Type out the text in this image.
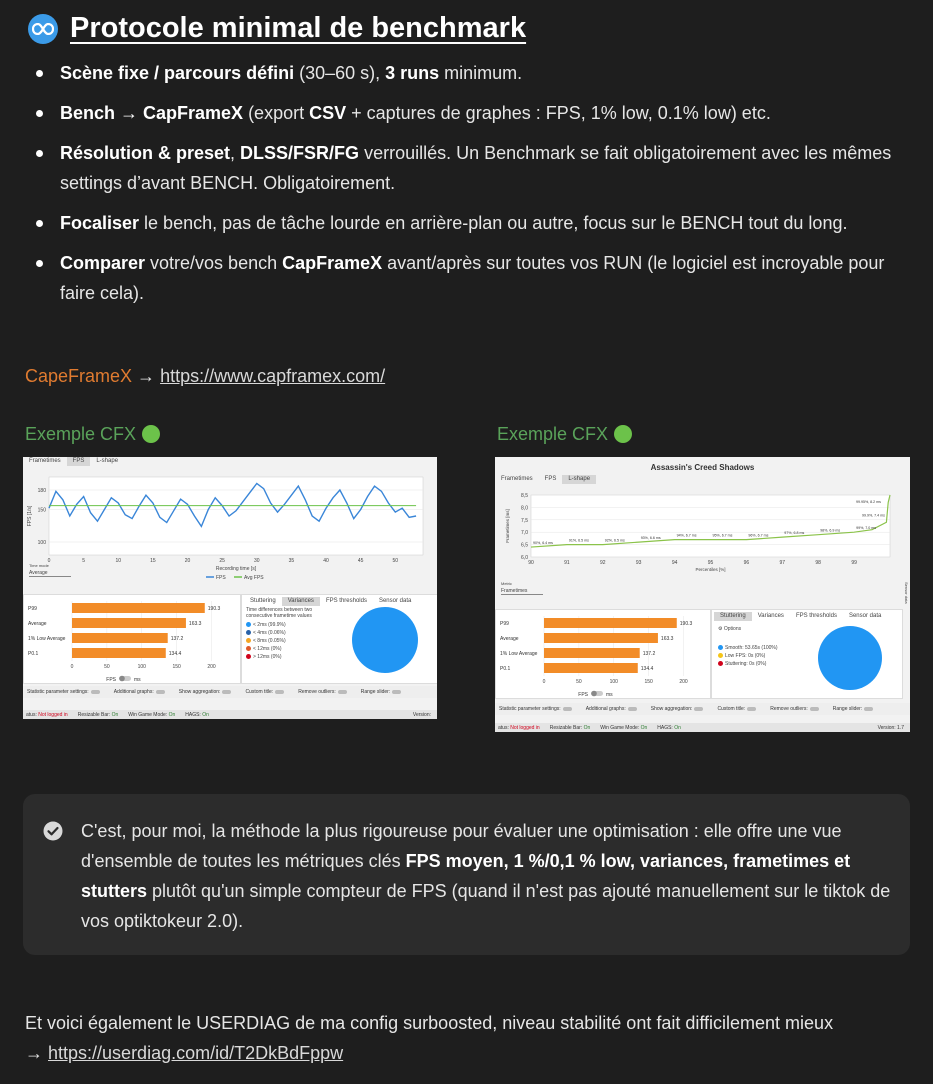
Protocole minimal de benchmark
Scène fixe / parcours défini (30–60 s), 3 runs minimum.
Bench → CapFrameX (export CSV + captures de graphes : FPS, 1% low, 0.1% low) etc.
Résolution & preset, DLSS/FSR/FG verrouillés. Un Benchmark se fait obligatoirement avec les mêmes settings d’avant BENCH. Obligatoirement.
Focaliser le bench, pas de tâche lourde en arrière-plan ou autre, focus sur le BENCH tout du long.
Comparer votre/vos bench CapFrameX avant/après sur toutes vos RUN (le logiciel est incroyable pour faire cela).
CapeFrameX → https://www.capframex.com/
Exemple CFX	Exemple CFX
Frametimes	FPS	L-shape
100
150
180
0	5	10	15	20	25	30	35	40	45	50
Recording time [s]
FPS [1/s]
FPS	Avg FPS
Time mode
Average
0	50	100	150	200
P99	190.3
Average	163.3
1% Low Average	137.2
P0.1	134.4
FPS	ms
Stuttering	Variances	FPS thresholds	Sensor data
Time differences between two consecutive frametime values
< 2ms (99.9%)
< 4ms (0.06%)
< 8ms (0.05%)
< 12ms (0%)
> 12ms (0%)
Statistic parameter settings:	Additional graphs:	Show aggregation:	Custom title:	Remove outliers:	Range slider:
atus: Not logged in Resizable Bar: On Win Game Mode: On HAGS: On	Version:
Assassin's Creed Shadows
Frametimes	FPS	L-shape
6,0
6,5
7,0
7,5
8,0
8,5
90	91	92	93	94	95	96	97	98	99
Percentiles [%]
Frametimes [ms]
90%, 6.4 ms
91%, 6.5 ms	92%, 6.5 ms
93%, 6.6 ms
94%, 6.7 ms	95%, 6.7 ms	96%, 6.7 ms
97%, 6.8 ms
98%, 6.9 ms
99%, 7.0 ms
99.9%, 7.4 ms
99.95%, 8.2 ms
Metric
Frametimes	Sensor data
0	50	100	150	200
P99	190.3
Average	163.3
1% Low Average	137.2
P0.1	134.4
FPS	ms
Stuttering	Variances	FPS thresholds	Sensor data
⚙ Options
Smooth: 53.65s (100%)
Low FPS: 0s (0%)
Stuttering: 0s (0%)
Statistic parameter settings:	Additional graphs:	Show aggregation:	Custom title:	Remove outliers:	Range slider:
atus: Not logged in Resizable Bar: On Win Game Mode: On HAGS: On	Version: 1.7
C'est, pour moi, la méthode la plus rigoureuse pour évaluer une optimisation : elle offre une vue d'ensemble de toutes les métriques clés FPS moyen, 1 %/0,1 % low, variances, frametimes et stutters plutôt qu'un simple compteur de FPS (quand il n'est pas ajouté manuellement sur le tiktok de vos optiktokeur 2.0).
Et voici également le USERDIAG de ma config surboosted, niveau stabilité ont fait difficilement mieux
→ https://userdiag.com/id/T2DkBdFppw
